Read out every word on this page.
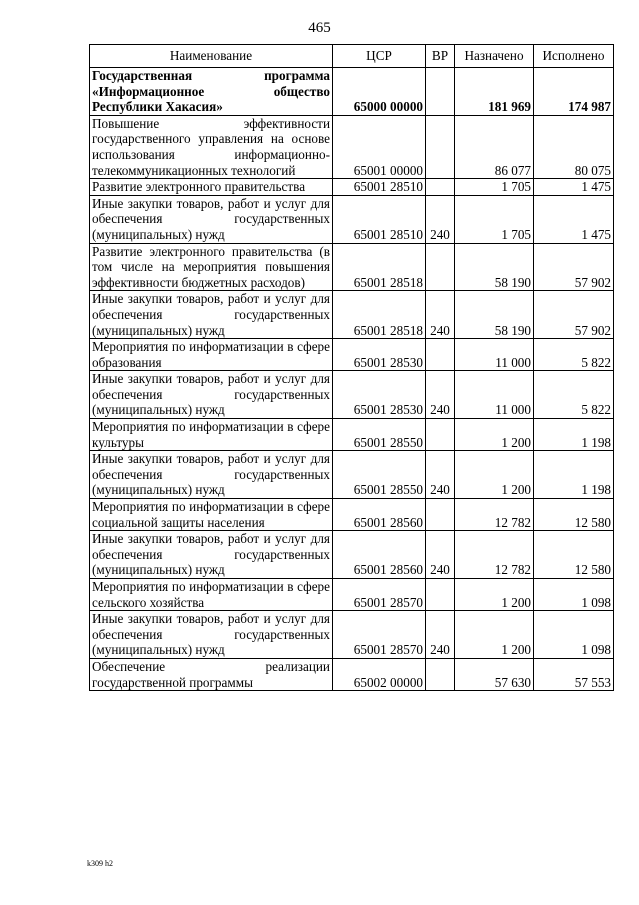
465
Наименование	ЦСР	ВР	Назначено	Исполнено
Государственная программа «Информационное общество Республики Хакасия»	65000 00000		181 969	174 987
Повышение эффективности государственного управления на основе использования информационно-телекоммуникационных технологий	65001 00000		86 077	80 075
Развитие электронного правительства	65001 28510		1 705	1 475
Иные закупки товаров, работ и услуг для обеспечения государственных (муниципальных) нужд	65001 28510	240	1 705	1 475
Развитие электронного правительства (в том числе на мероприятия повышения эффективности бюджетных расходов)	65001 28518		58 190	57 902
Иные закупки товаров, работ и услуг для обеспечения государственных (муниципальных) нужд	65001 28518	240	58 190	57 902
Мероприятия по информатизации в сфере образования	65001 28530		11 000	5 822
Иные закупки товаров, работ и услуг для обеспечения государственных (муниципальных) нужд	65001 28530	240	11 000	5 822
Мероприятия по информатизации в сфере культуры	65001 28550		1 200	1 198
Иные закупки товаров, работ и услуг для обеспечения государственных (муниципальных) нужд	65001 28550	240	1 200	1 198
Мероприятия по информатизации в сфере социальной защиты населения	65001 28560		12 782	12 580
Иные закупки товаров, работ и услуг для обеспечения государственных (муниципальных) нужд	65001 28560	240	12 782	12 580
Мероприятия по информатизации в сфере сельского хозяйства	65001 28570		1 200	1 098
Иные закупки товаров, работ и услуг для обеспечения государственных (муниципальных) нужд	65001 28570	240	1 200	1 098
Обеспечение реализации государственной программы	65002 00000		57 630	57 553
k309 h2
